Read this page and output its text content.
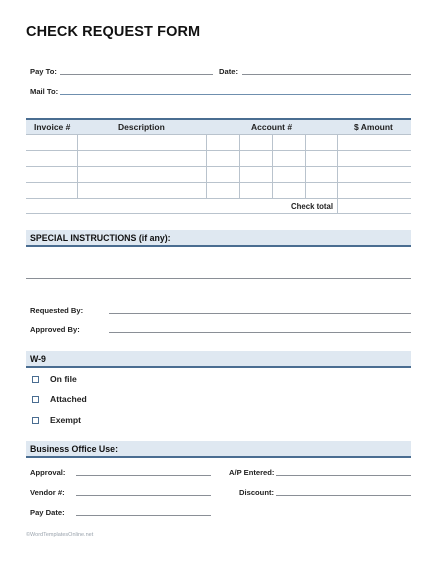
CHECK REQUEST FORM
Pay To:	Date:
Mail To:
Invoice #	Description	Account #	$ Amount
Check total
SPECIAL INSTRUCTIONS (if any):
Requested By:
Approved By:
W-9
On file
Attached
Exempt
Business Office Use:
Approval:	A/P Entered:
Vendor #:	Discount:
Pay Date:
©WordTemplatesOnline.net
